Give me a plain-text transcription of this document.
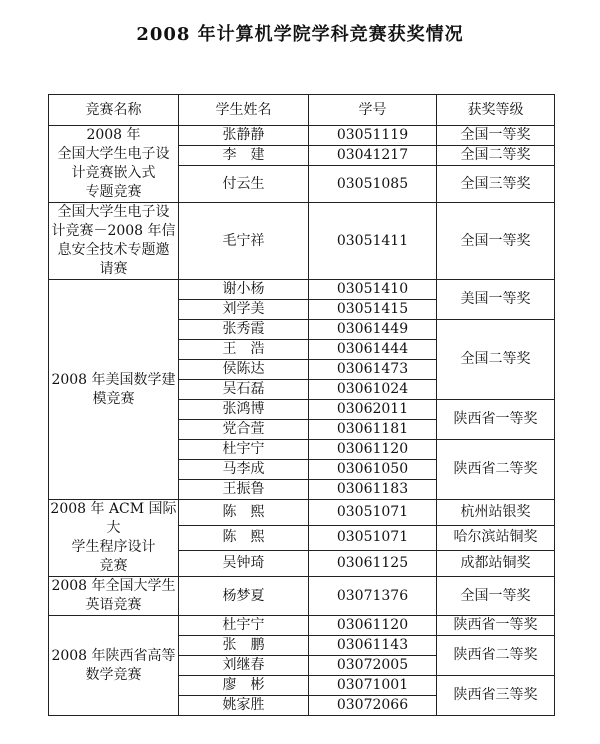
2008 年计算机学院学科竞赛获奖情况
竞赛名称	学生姓名	学号	获奖等级

2008 年
全国大学生电子设
计竞赛嵌入式
专题竞赛	张静静	03051119	全国一等奖
	李　建	03041217	全国二等奖
	付云生	03051085	全国三等奖

全国大学生电子设
计竞赛－2008 年信
息安全技术专题邀
请赛	毛宁祥	03051411	全国一等奖

2008 年美国数学建
模竞赛	谢小杨	03051410	美国一等奖
	刘学美	03051415	
	张秀霞	03061449	全国二等奖
	王　浩	03061444	
	侯陈达	03061473	
	吴石磊	03061024	
	张鸿博	03062011	陕西省一等奖
	党合萱	03061181	
	杜宇宁	03061120	陕西省二等奖
	马李成	03061050	
	王振鲁	03061183	

2008 年 ACM 国际大
学生程序设计
竞赛	陈　熙	03051071	杭州站银奖
	陈　熙	03051071	哈尔滨站铜奖
	吴钟琦	03061125	成都站铜奖

2008 年全国大学生
英语竞赛	杨梦夏	03071376	全国一等奖

2008 年陕西省高等
数学竞赛	杜宇宁	03061120	陕西省一等奖
	张　鹏	03061143	陕西省二等奖
	刘继春	03072005	
	廖　彬	03071001	陕西省三等奖
	姚家胜	03072066	
